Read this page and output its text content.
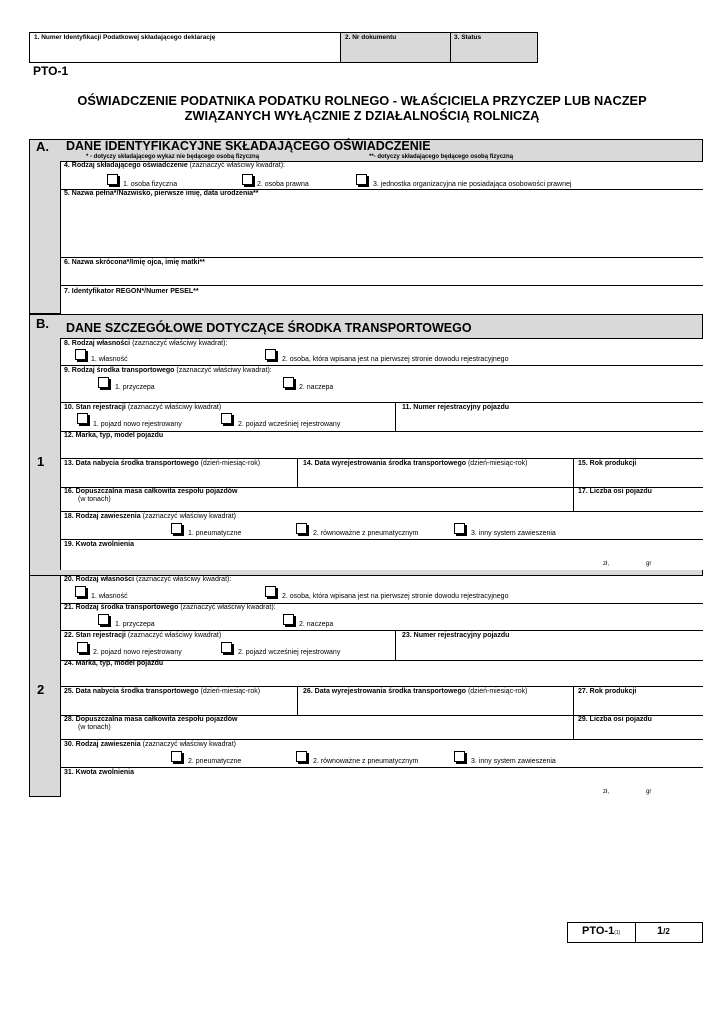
1. Numer Identyfikacji Podatkowej składającego deklarację	2. Nr dokumentu	3. Status
PTO-1
OŚWIADCZENIE PODATNIKA PODATKU ROLNEGO - WŁAŚCICIELA PRZYCZEP LUB NACZEP
ZWIĄZANYCH WYŁĄCZNIE Z DZIAŁALNOŚCIĄ ROLNICZĄ
A. DANE IDENTYFIKACYJNE SKŁADAJĄCEGO OŚWIADCZENIE
* - dotyczy składającego wykaz nie będącego osobą fizyczną	**- dotyczy składającego będącego osobą fizyczną
4. Rodzaj składającego oświadczenie (zaznaczyć właściwy kwadrat):
1. osoba fizyczna	2. osoba prawna	3. jednostka organizacyjna nie posiadająca osobowości prawnej
5. Nazwa pełna*/Nazwisko, pierwsze imię, data urodzenia**
6. Nazwa skrócona*/Imię ojca, imię matki**
7. Identyfikator REGON*/Numer PESEL**
B. DANE SZCZEGÓŁOWE DOTYCZĄCE ŚRODKA TRANSPORTOWEGO
1
8. Rodzaj własności (zaznaczyć właściwy kwadrat):
1. własność	2. osoba, która wpisana jest na pierwszej stronie dowodu rejestracyjnego
9. Rodzaj środka transportowego (zaznaczyć właściwy kwadrat):
1. przyczepa	2. naczepa
10. Stan rejestracji (zaznaczyć właściwy kwadrat)
1. pojazd nowo rejestrowany	2. pojazd wcześniej rejestrowany
11. Numer rejestracyjny pojazdu
12. Marka, typ, model pojazdu
13. Data nabycia środka transportowego (dzień-miesiąc-rok)	14. Data wyrejestrowania środka transportowego (dzień-miesiąc-rok)	15. Rok produkcji
16. Dopuszczalna masa całkowita zespołu pojazdów
(w tonach)
17. Liczba osi pojazdu
18. Rodzaj zawieszenia (zaznaczyć właściwy kwadrat)
1. pneumatyczne	2. równoważne z pneumatycznym	3. inny system zawieszenia
19. Kwota zwolnienia
zł,	gr
2
20. Rodzaj własności (zaznaczyć właściwy kwadrat):
1. własność	2. osoba, która wpisana jest na pierwszej stronie dowodu rejestracyjnego
21. Rodzaj środka transportowego (zaznaczyć właściwy kwadrat):
1. przyczepa	2. naczepa
22. Stan rejestracji (zaznaczyć właściwy kwadrat)
2. pojazd nowo rejestrowany	2. pojazd wcześniej rejestrowany
23. Numer rejestracyjny pojazdu
24. Marka, typ, model pojazdu
25. Data nabycia środka transportowego (dzień-miesiąc-rok)	26. Data wyrejestrowania środka transportowego (dzień-miesiąc-rok)	27. Rok produkcji
28. Dopuszczalna masa całkowita zespołu pojazdów
(w tonach)
29. Liczba osi pojazdu
30. Rodzaj zawieszenia (zaznaczyć właściwy kwadrat)
2. pneumatyczne	2. równoważne z pneumatycznym	3. inny system zawieszenia
31. Kwota zwolnienia
zł,	gr
PTO-1(1)	1/2
